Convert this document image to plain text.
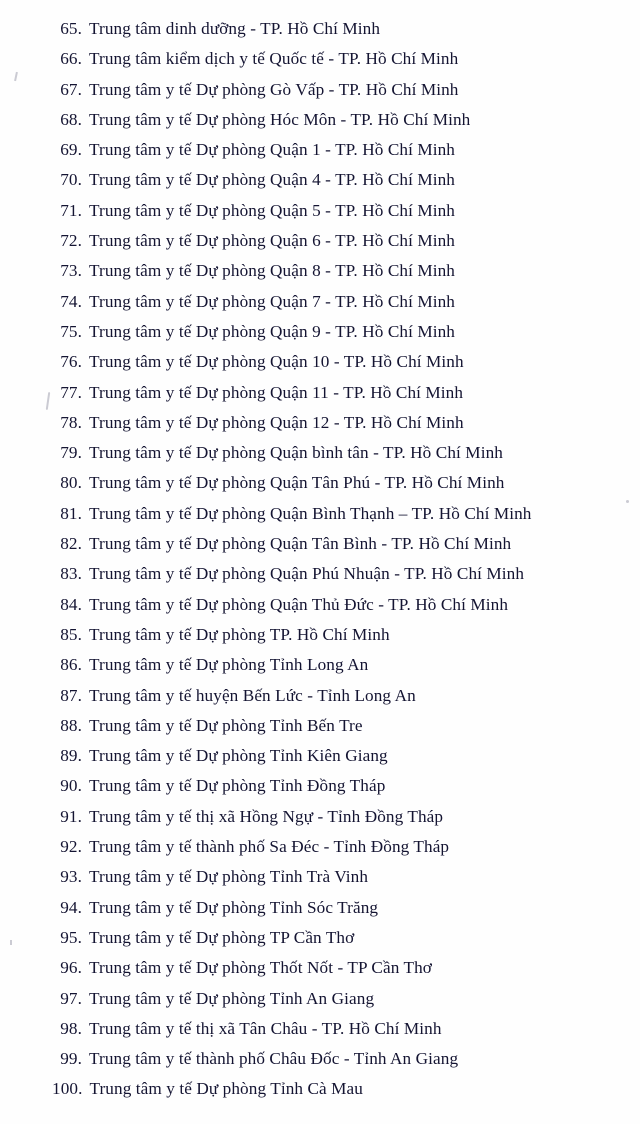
65. Trung tâm dinh dưỡng - TP. Hồ Chí Minh
66. Trung tâm kiểm dịch y tế Quốc tế - TP. Hồ Chí Minh
67. Trung tâm y tế Dự phòng Gò Vấp - TP. Hồ Chí Minh
68. Trung tâm y tế Dự phòng Hóc Môn - TP. Hồ Chí Minh
69. Trung tâm y tế Dự phòng Quận 1 - TP. Hồ Chí Minh
70. Trung tâm y tế Dự phòng Quận 4 - TP. Hồ Chí Minh
71. Trung tâm y tế Dự phòng Quận 5 - TP. Hồ Chí Minh
72. Trung tâm y tế Dự phòng Quận 6 - TP. Hồ Chí Minh
73. Trung tâm y tế Dự phòng Quận 8 - TP. Hồ Chí Minh
74. Trung tâm y tế Dự phòng Quận 7 - TP. Hồ Chí Minh
75. Trung tâm y tế Dự phòng Quận 9 - TP. Hồ Chí Minh
76. Trung tâm y tế Dự phòng Quận 10 - TP. Hồ Chí Minh
77. Trung tâm y tế Dự phòng Quận 11 - TP. Hồ Chí Minh
78. Trung tâm y tế Dự phòng Quận 12 - TP. Hồ Chí Minh
79. Trung tâm y tế Dự phòng Quận bình tân - TP. Hồ Chí Minh
80. Trung tâm y tế Dự phòng Quận Tân Phú - TP. Hồ Chí Minh
81. Trung tâm y tế Dự phòng Quận Bình Thạnh – TP. Hồ Chí Minh
82. Trung tâm y tế Dự phòng Quận Tân Bình - TP. Hồ Chí Minh
83. Trung tâm y tế Dự phòng Quận Phú Nhuận - TP. Hồ Chí Minh
84. Trung tâm y tế Dự phòng Quận Thủ Đức - TP. Hồ Chí Minh
85. Trung tâm y tế Dự phòng TP. Hồ Chí Minh
86. Trung tâm y tế Dự phòng Tỉnh Long An
87. Trung tâm y tế huyện Bến Lức - Tỉnh Long An
88. Trung tâm y tế Dự phòng Tỉnh Bến Tre
89. Trung tâm y tế Dự phòng Tỉnh Kiên Giang
90. Trung tâm y tế Dự phòng Tỉnh Đồng Tháp
91. Trung tâm y tế thị xã Hồng Ngự - Tỉnh Đồng Tháp
92. Trung tâm y tế thành phố Sa Đéc - Tỉnh Đồng Tháp
93. Trung tâm y tế Dự phòng Tỉnh Trà Vinh
94. Trung tâm y tế Dự phòng Tỉnh Sóc Trăng
95. Trung tâm y tế Dự phòng TP Cần Thơ
96. Trung tâm y tế Dự phòng Thốt Nốt - TP Cần Thơ
97. Trung tâm y tế Dự phòng Tỉnh An Giang
98. Trung tâm y tế thị xã Tân Châu - TP. Hồ Chí Minh
99. Trung tâm y tế thành phố Châu Đốc - Tỉnh An Giang
100. Trung tâm y tế Dự phòng Tỉnh Cà Mau
